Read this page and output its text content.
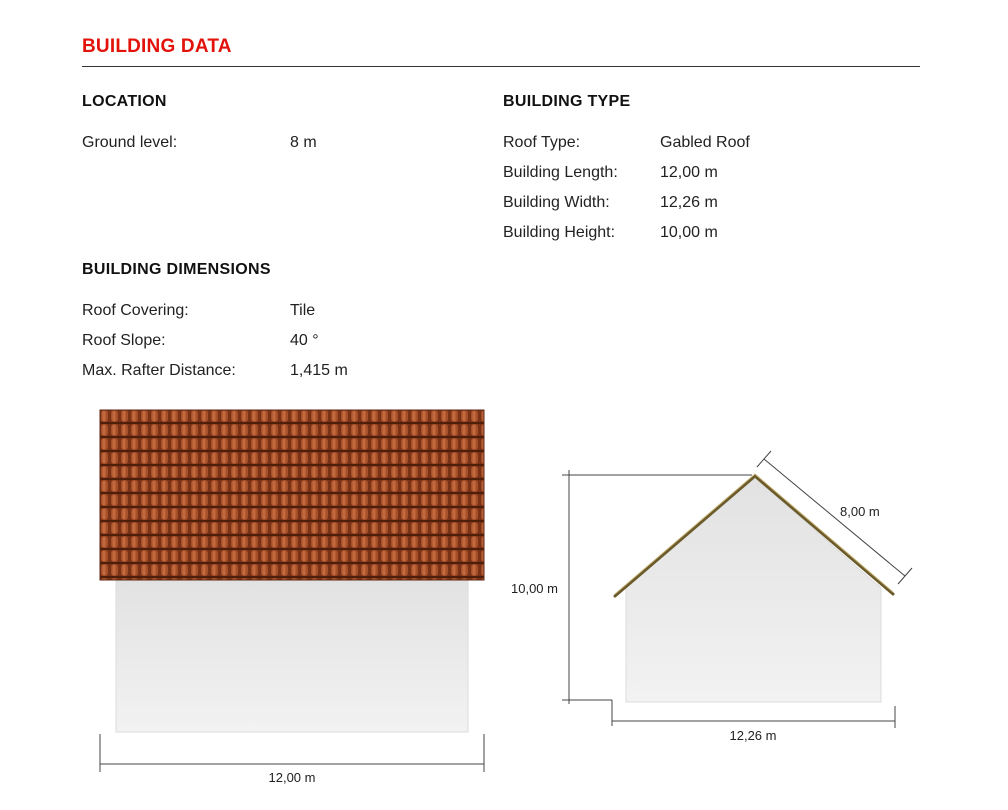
BUILDING DATA
LOCATION
Ground level:	8 m
BUILDING TYPE
Roof Type:	Gabled Roof
Building Length:	12,00 m
Building Width:	12,26 m
Building Height:	10,00 m
BUILDING DIMENSIONS
Roof Covering:	Tile
Roof Slope:	40 °
Max. Rafter Distance:	1,415 m
12,00 m
10,00 m
8,00 m
12,26 m
